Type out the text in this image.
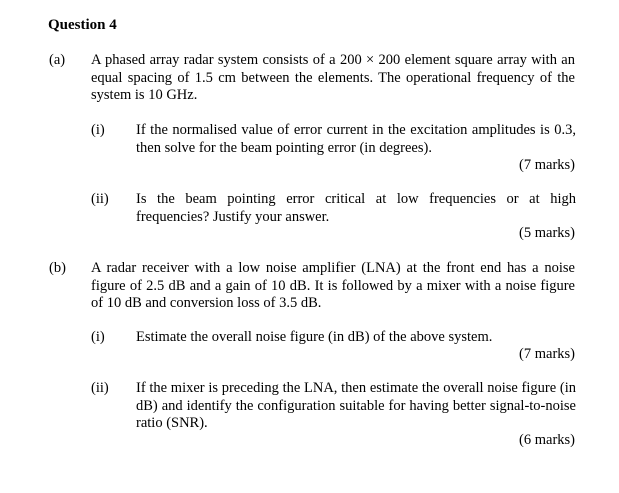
Question 4
(a) A phased array radar system consists of a 200 × 200 element square array with an equal spacing of 1.5 cm between the elements. The operational frequency of the system is 10 GHz.
(i) If the normalised value of error current in the excitation amplitudes is 0.3, then solve for the beam pointing error (in degrees).
(7 marks)
(ii) Is the beam pointing error critical at low frequencies or at high frequencies? Justify your answer.
(5 marks)
(b) A radar receiver with a low noise amplifier (LNA) at the front end has a noise figure of 2.5 dB and a gain of 10 dB. It is followed by a mixer with a noise figure of 10 dB and conversion loss of 3.5 dB.
(i) Estimate the overall noise figure (in dB) of the above system.
(7 marks)
(ii) If the mixer is preceding the LNA, then estimate the overall noise figure (in dB) and identify the configuration suitable for having better signal-to-noise ratio (SNR).
(6 marks)
